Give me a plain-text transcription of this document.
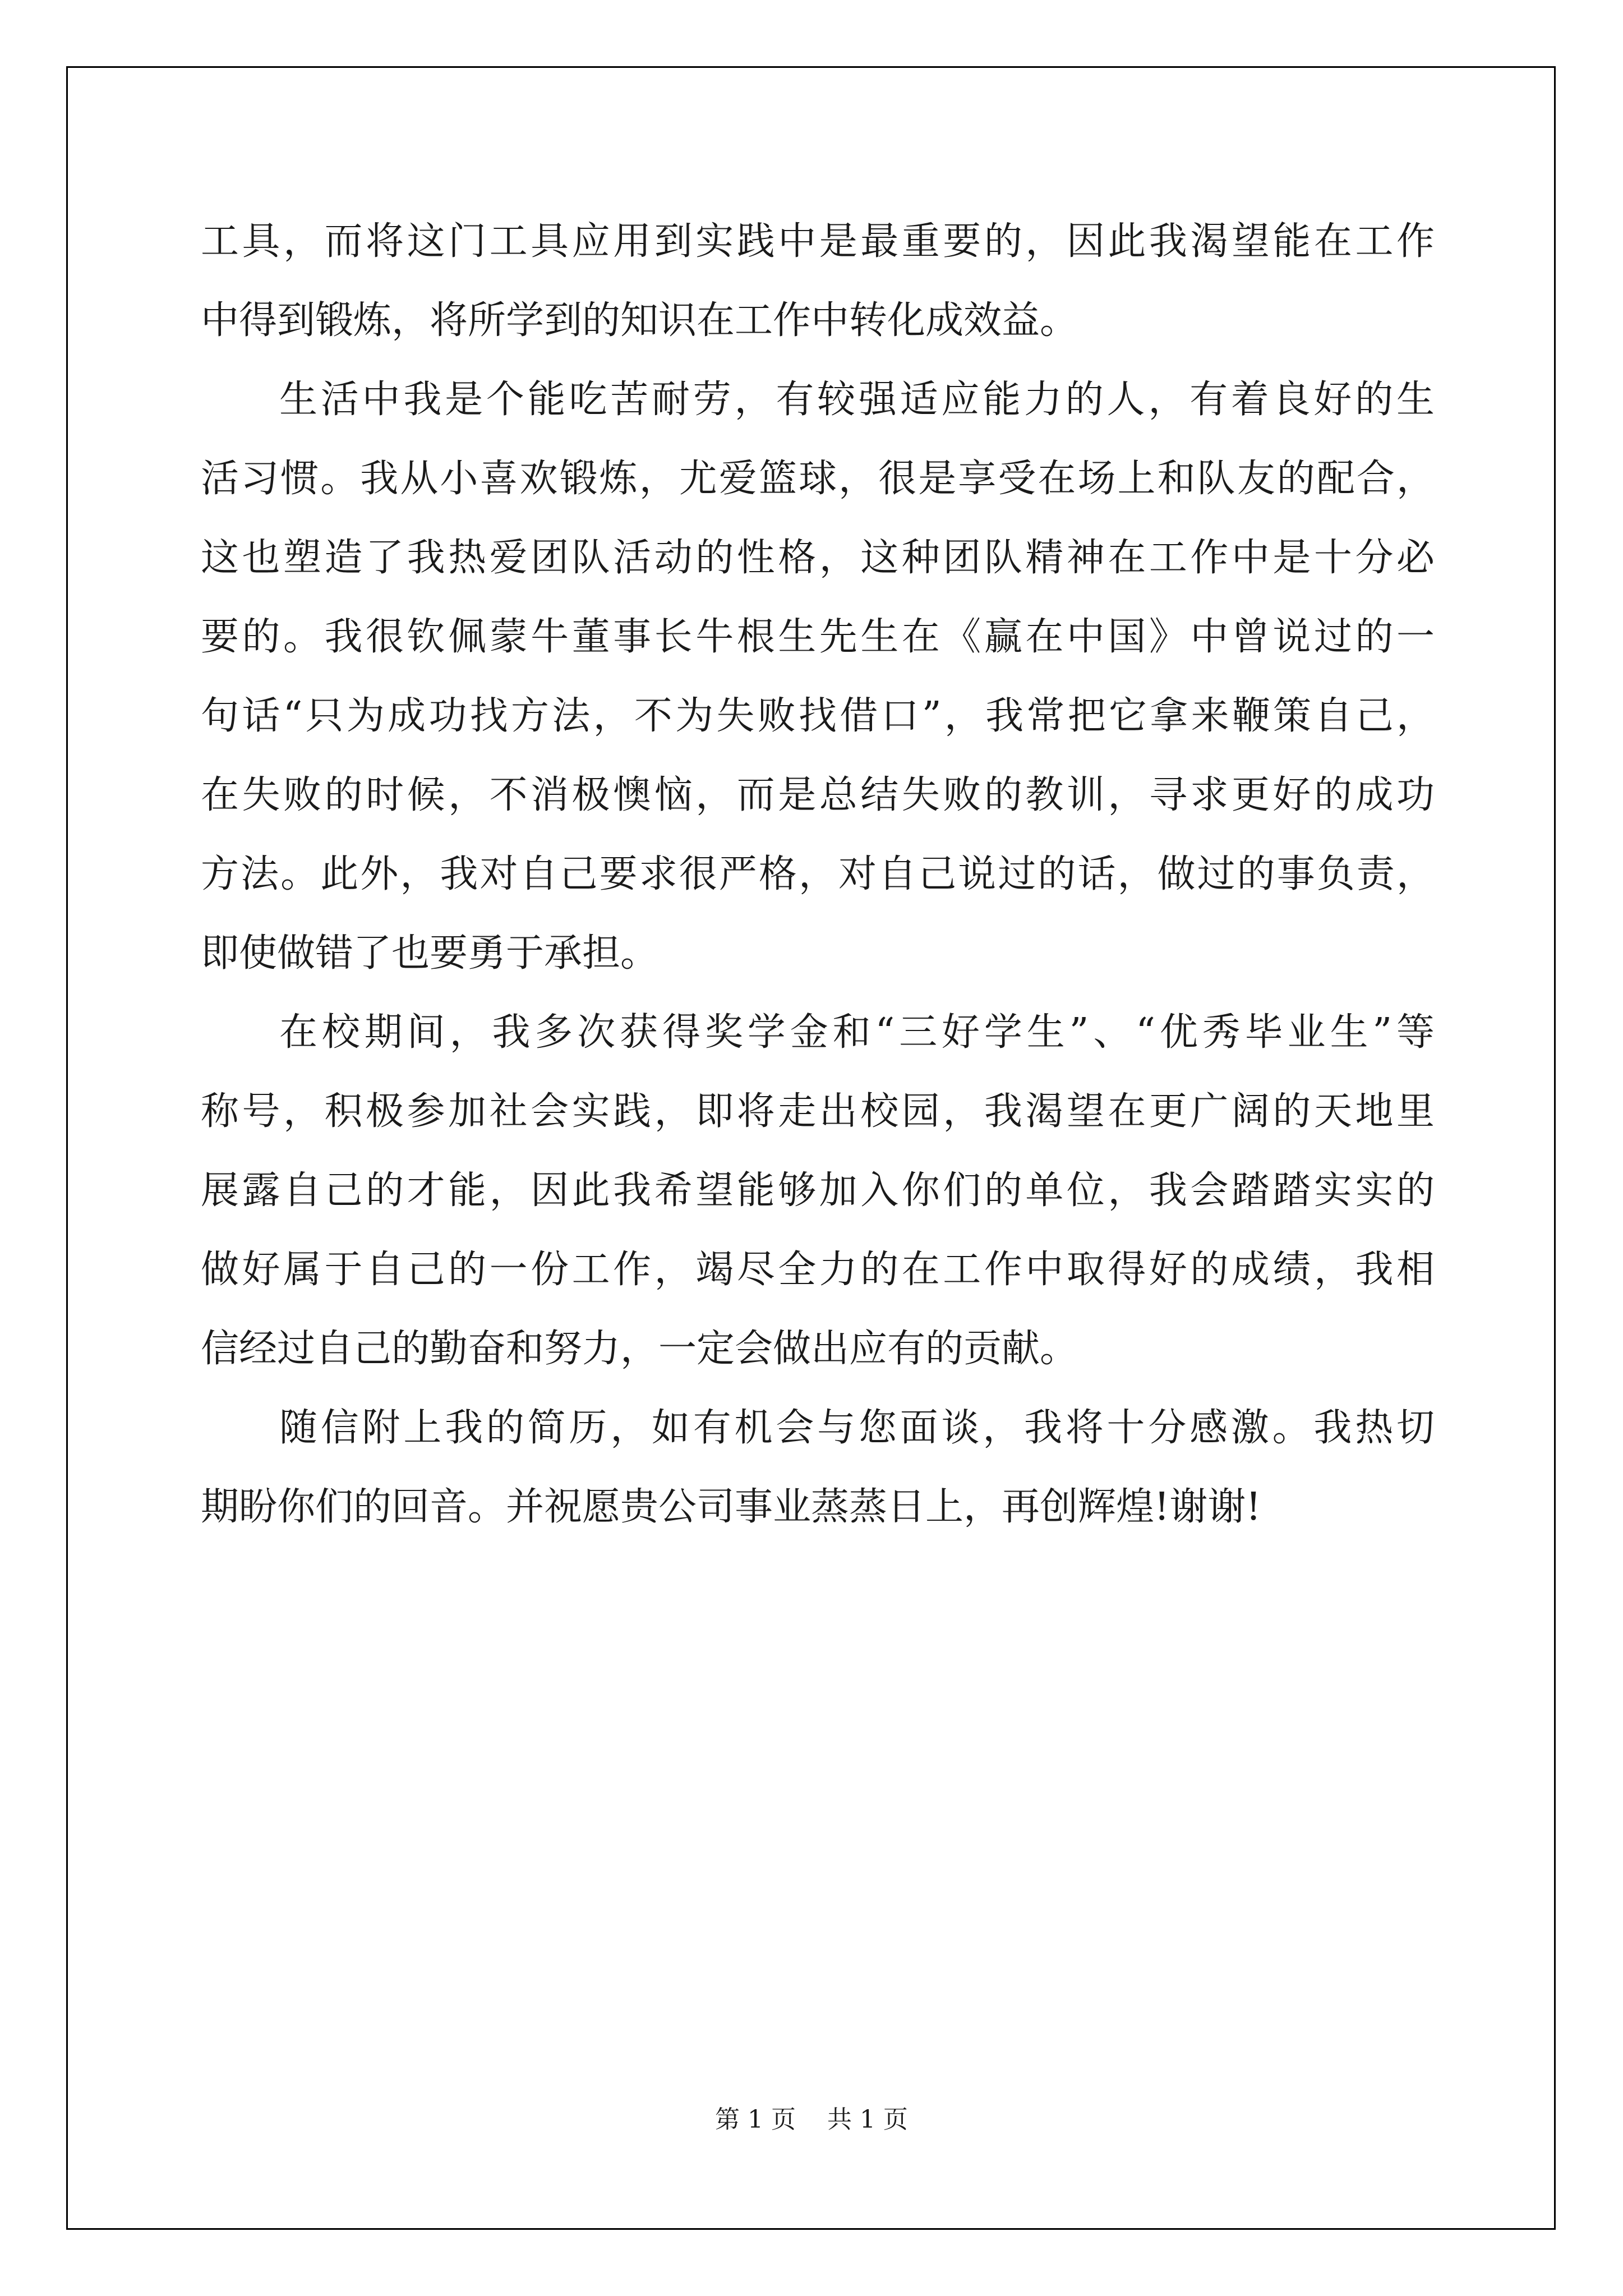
工具，而将这门工具应用到实践中是最重要的，因此我渴望能在工作
中得到锻炼，将所学到的知识在工作中转化成效益。
生活中我是个能吃苦耐劳，有较强适应能力的人，有着良好的生
活习惯。我从小喜欢锻炼，尤爱篮球，很是享受在场上和队友的配合，
这也塑造了我热爱团队活动的性格，这种团队精神在工作中是十分必
要的。我很钦佩蒙牛董事长牛根生先生在《赢在中国》中曾说过的一
句话“只为成功找方法，不为失败找借口”，我常把它拿来鞭策自己，
在失败的时候，不消极懊恼，而是总结失败的教训，寻求更好的成功
方法。此外，我对自己要求很严格，对自己说过的话，做过的事负责，
即使做错了也要勇于承担。
在校期间，我多次获得奖学金和“三好学生”、“优秀毕业生”等
称号，积极参加社会实践，即将走出校园，我渴望在更广阔的天地里
展露自己的才能，因此我希望能够加入你们的单位，我会踏踏实实的
做好属于自己的一份工作，竭尽全力的在工作中取得好的成绩，我相
信经过自己的勤奋和努力，一定会做出应有的贡献。
随信附上我的简历，如有机会与您面谈，我将十分感激。我热切
期盼你们的回音。并祝愿贵公司事业蒸蒸日上，再创辉煌!谢谢!
第 1 页    共 1 页
